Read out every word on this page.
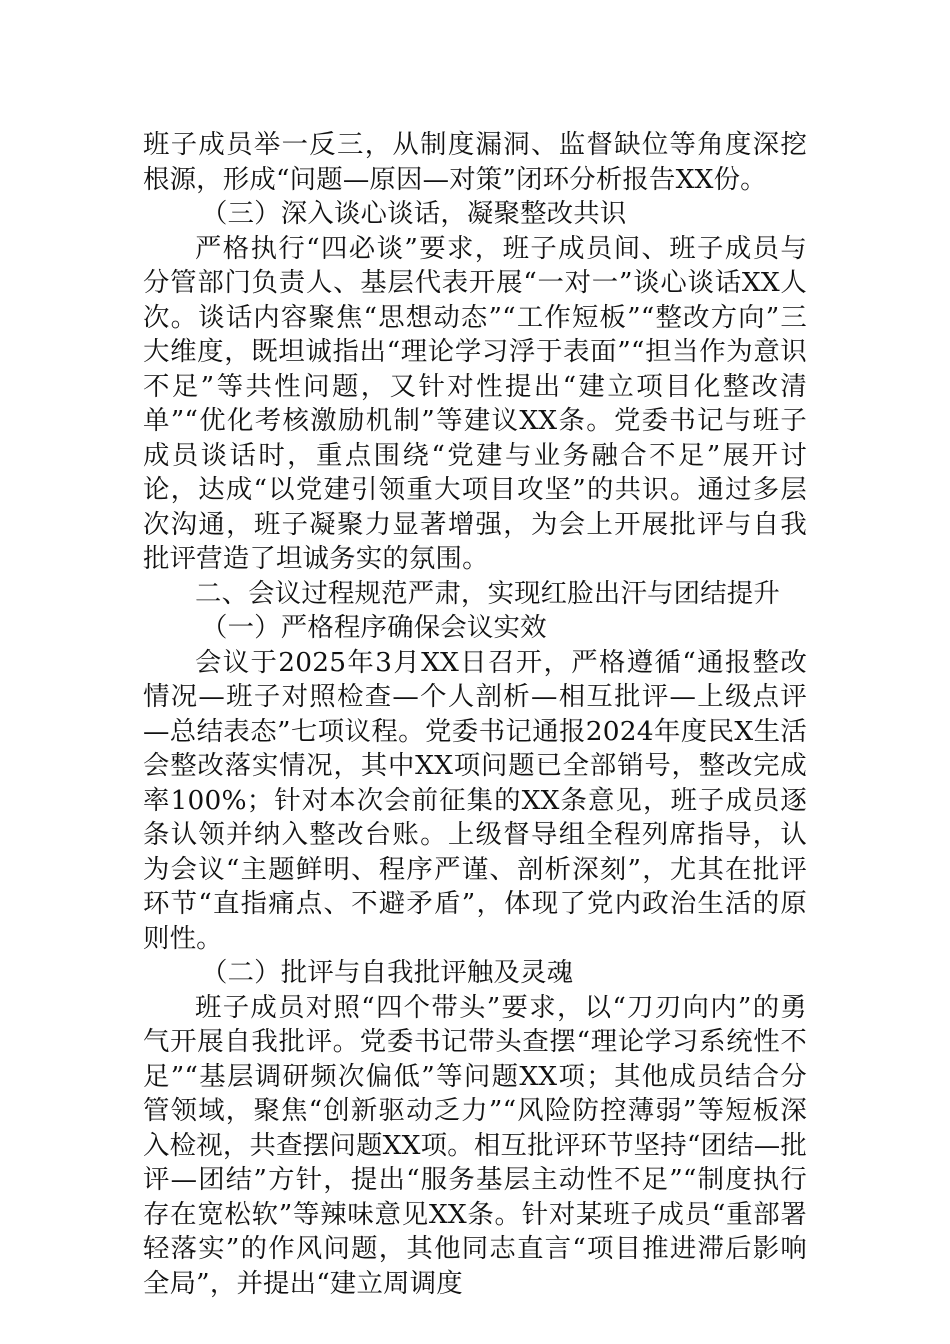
班子成员举一反三，从制度漏洞、监督缺位等角度深挖根源，形成“问题—原因—对策”闭环分析报告XX份。

（三）深入谈心谈话，凝聚整改共识

严格执行“四必谈”要求，班子成员间、班子成员与分管部门负责人、基层代表开展“一对一”谈心谈话XX人次。谈话内容聚焦“思想动态”“工作短板”“整改方向”三大维度，既坦诚指出“理论学习浮于表面”“担当作为意识不足”等共性问题，又针对性提出“建立项目化整改清单”“优化考核激励机制”等建议XX条。党委书记与班子成员谈话时，重点围绕“党建与业务融合不足”展开讨论，达成“以党建引领重大项目攻坚”的共识。通过多层次沟通，班子凝聚力显著增强，为会上开展批评与自我批评营造了坦诚务实的氛围。

二、会议过程规范严肃，实现红脸出汗与团结提升

（一）严格程序确保会议实效

会议于2025年3月XX日召开，严格遵循“通报整改情况—班子对照检查—个人剖析—相互批评—上级点评—总结表态”七项议程。党委书记通报2024年度民X生活会整改落实情况，其中XX项问题已全部销号，整改完成率100%；针对本次会前征集的XX条意见，班子成员逐条认领并纳入整改台账。上级督导组全程列席指导，认为会议“主题鲜明、程序严谨、剖析深刻”，尤其在批评环节“直指痛点、不避矛盾”，体现了党内政治生活的原则性。

（二）批评与自我批评触及灵魂

班子成员对照“四个带头”要求，以“刀刃向内”的勇气开展自我批评。党委书记带头查摆“理论学习系统性不足”“基层调研频次偏低”等问题XX项；其他成员结合分管领域，聚焦“创新驱动乏力”“风险防控薄弱”等短板深入检视，共查摆问题XX项。相互批评环节坚持“团结—批评—团结”方针，提出“服务基层主动性不足”“制度执行存在宽松软”等辣味意见XX条。针对某班子成员“重部署轻落实”的作风问题，其他同志直言“项目推进滞后影响全局”，并提出“建立周调度
